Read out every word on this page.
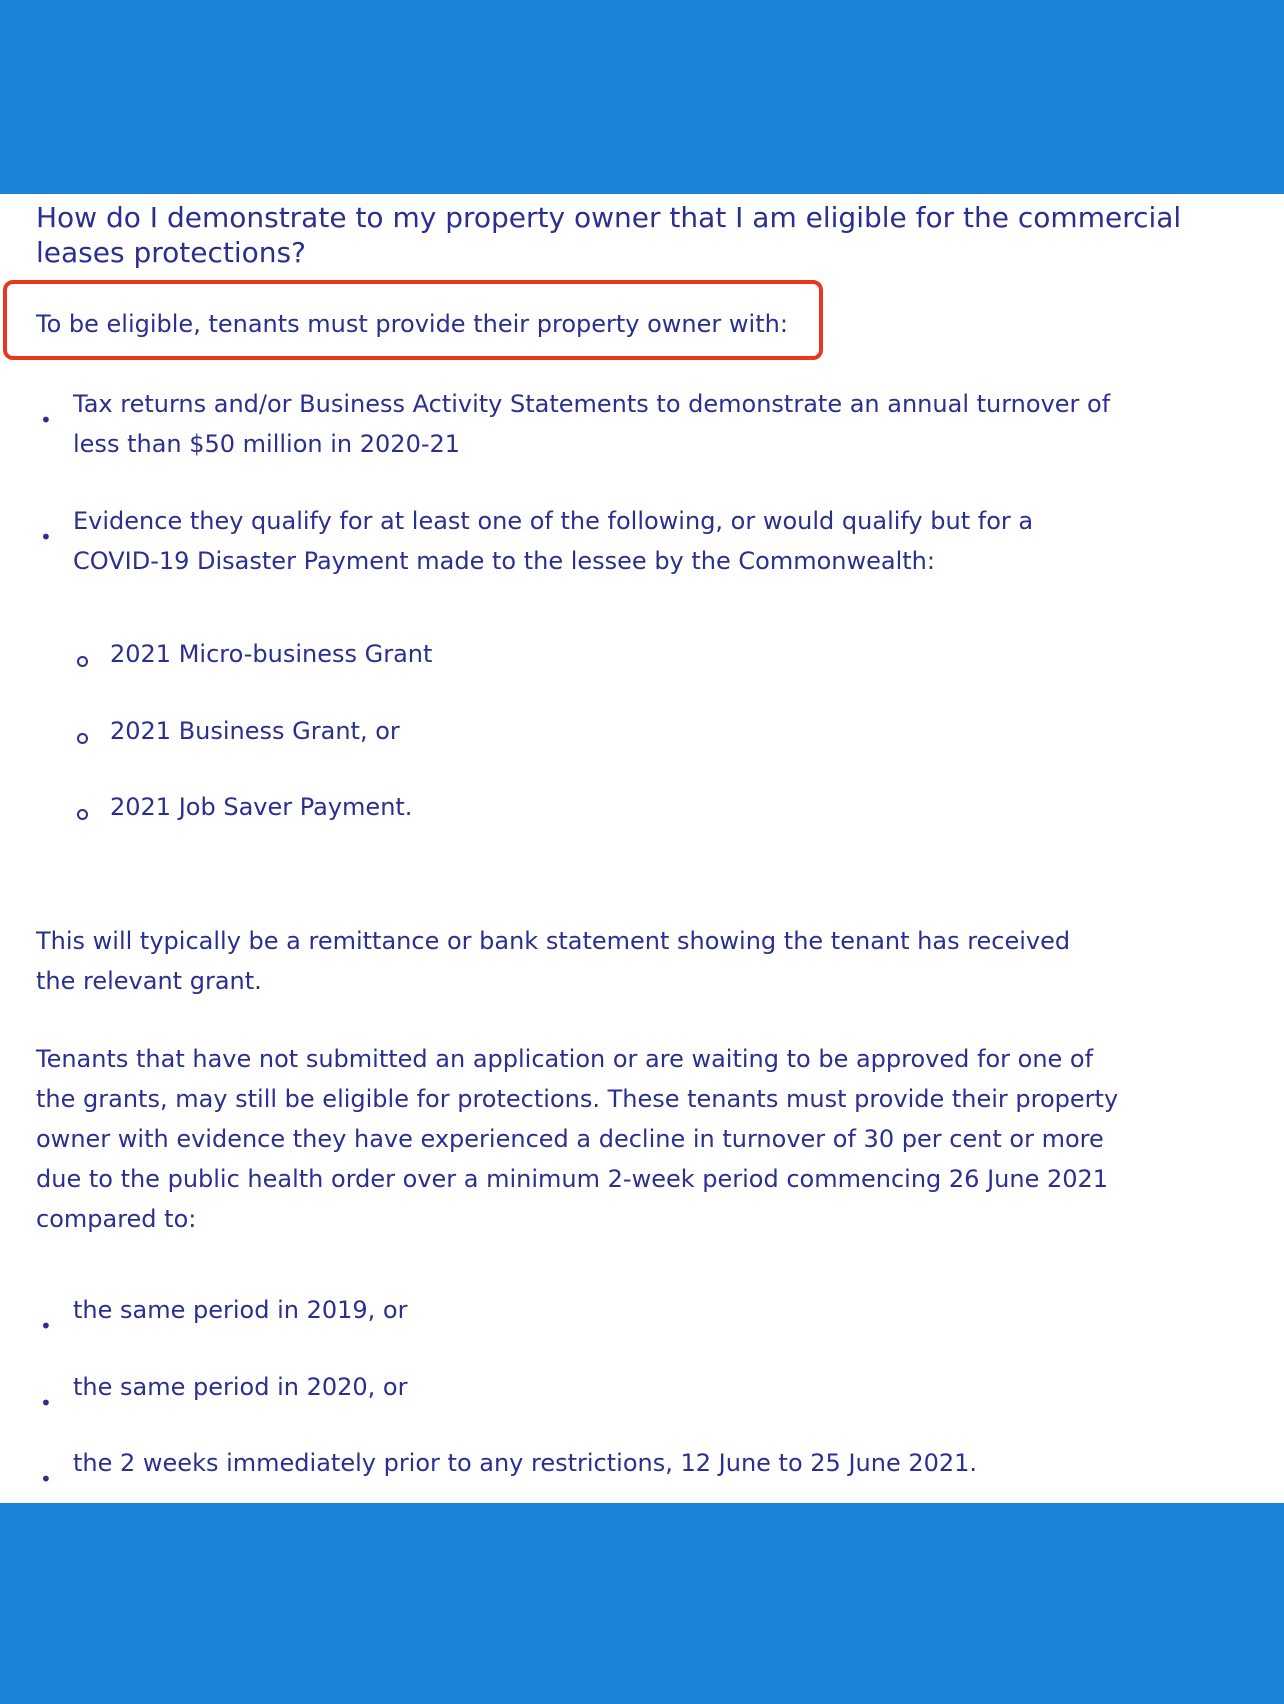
How do I demonstrate to my property owner that I am eligible for the commercial leases protections?

To be eligible, tenants must provide their property owner with:

•

Tax returns and/or Business Activity Statements to demonstrate an annual turnover of less than $50 million in 2020-21

•

Evidence they qualify for at least one of the following, or would qualify but for a COVID-19 Disaster Payment made to the lessee by the Commonwealth:

2021 Micro-business Grant

2021 Business Grant, or

2021 Job Saver Payment.

This will typically be a remittance or bank statement showing the tenant has received the relevant grant.

Tenants that have not submitted an application or are waiting to be approved for one of the grants, may still be eligible for protections. These tenants must provide their property owner with evidence they have experienced a decline in turnover of 30 per cent or more due to the public health order over a minimum 2-week period commencing 26 June 2021 compared to:

•

the same period in 2019, or

•

the same period in 2020, or

•

the 2 weeks immediately prior to any restrictions, 12 June to 25 June 2021.
